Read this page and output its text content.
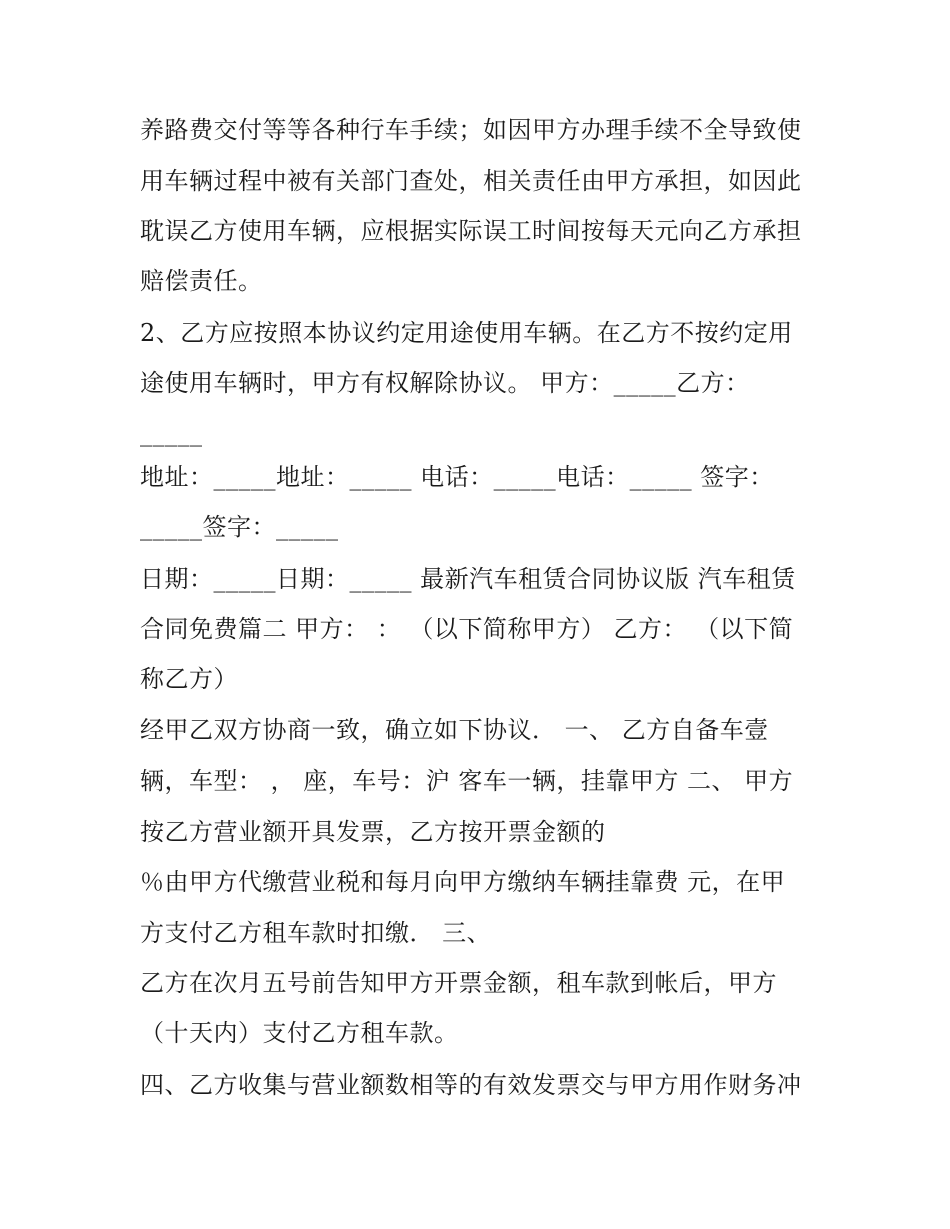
养路费交付等等各种行车手续；如因甲方办理手续不全导致使
用车辆过程中被有关部门查处，相关责任由甲方承担，如因此
耽误乙方使用车辆，应根据实际误工时间按每天元向乙方承担
赔偿责任。
2、乙方应按照本协议约定用途使用车辆。在乙方不按约定用
途使用车辆时，甲方有权解除协议。 甲方：_____乙方：
_____
地址：_____地址：_____ 电话：_____电话：_____ 签字：
_____签字：_____
日期：_____日期：_____ 最新汽车租赁合同协议版 汽车租赁
合同免费篇二 甲方： ： （以下简称甲方） 乙方： （以下简
称乙方）
经甲乙双方协商一致，确立如下协议． 一、 乙方自备车壹
辆，车型： ， 座，车号：沪 客车一辆，挂靠甲方 二、 甲方
按乙方营业额开具发票，乙方按开票金额的
％由甲方代缴营业税和每月向甲方缴纳车辆挂靠费 元，在甲
方支付乙方租车款时扣缴． 三、
乙方在次月五号前告知甲方开票金额，租车款到帐后，甲方
（十天内）支付乙方租车款。
四、乙方收集与营业额数相等的有效发票交与甲方用作财务冲
